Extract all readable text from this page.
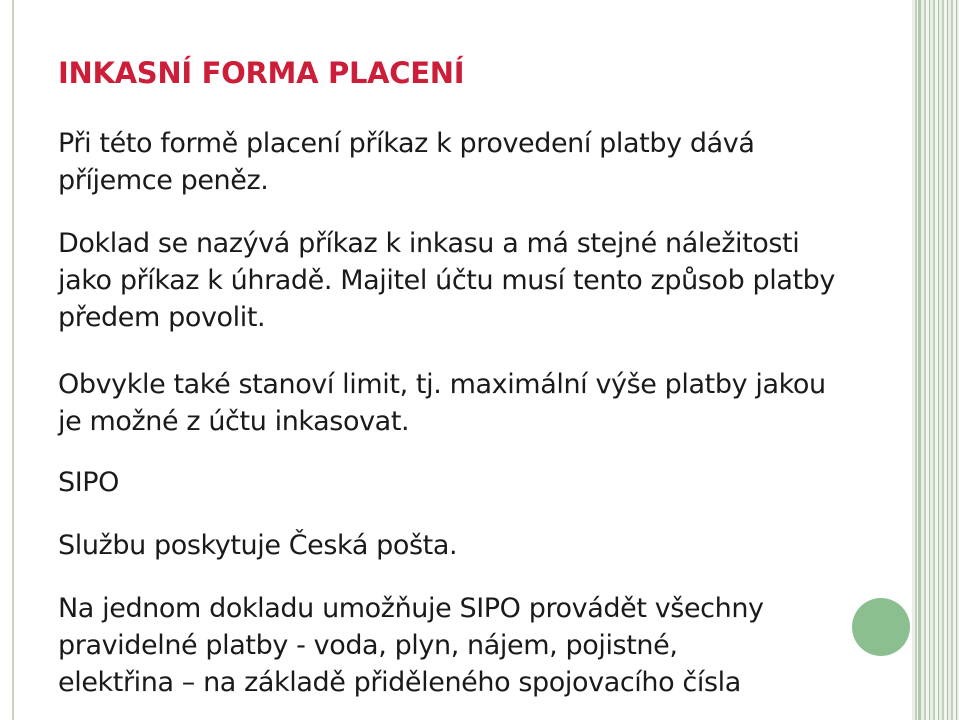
INKASNÍ FORMA PLACENÍ

Při této formě placení příkaz k provedení platby dává
příjemce peněz.

Doklad se nazývá příkaz k inkasu a má stejné náležitosti
jako příkaz k úhradě. Majitel účtu musí tento způsob platby
předem povolit.

Obvykle také stanoví limit, tj. maximální výše platby jakou
je možné z účtu inkasovat.

SIPO

Službu poskytuje Česká pošta.

Na jednom dokladu umožňuje SIPO provádět všechny
pravidelné platby - voda, plyn, nájem, pojistné,
elektřina – na základě přiděleného spojovacího čísla
